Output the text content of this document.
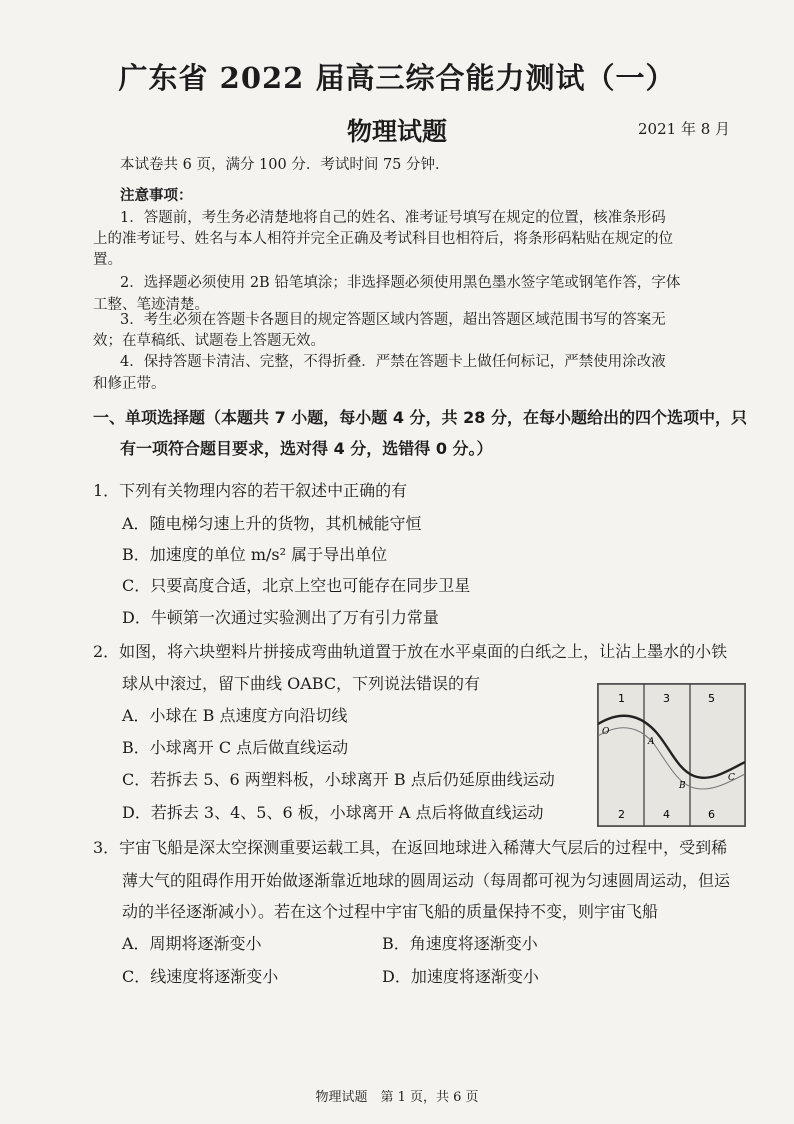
广东省 2022 届高三综合能力测试（一）
物理试题	2021 年 8 月
本试卷共 6 页，满分 100 分．考试时间 75 分钟．
注意事项：
1．答题前，考生务必清楚地将自己的姓名、准考证号填写在规定的位置，核准条形码
上的准考证号、姓名与本人相符并完全正确及考试科目也相符后，将条形码粘贴在规定的位
置。
2．选择题必须使用 2B 铅笔填涂；非选择题必须使用黑色墨水签字笔或钢笔作答，字体
工整、笔迹清楚。
3．考生必须在答题卡各题目的规定答题区域内答题，超出答题区域范围书写的答案无
效；在草稿纸、试题卷上答题无效。
4．保持答题卡清洁、完整，不得折叠．严禁在答题卡上做任何标记，严禁使用涂改液
和修正带。
一、单项选择题（本题共 7 小题，每小题 4 分，共 28 分，在每小题给出的四个选项中，只
有一项符合题目要求，选对得 4 分，选错得 0 分。）
1．下列有关物理内容的若干叙述中正确的有
A．随电梯匀速上升的货物，其机械能守恒
B．加速度的单位 m/s² 属于导出单位
C．只要高度合适，北京上空也可能存在同步卫星
D．牛顿第一次通过实验测出了万有引力常量
2．如图，将六块塑料片拼接成弯曲轨道置于放在水平桌面的白纸之上，让沾上墨水的小铁
球从中滚过，留下曲线 OABC，下列说法错误的有
A．小球在 B 点速度方向沿切线
B．小球离开 C 点后做直线运动
C．若拆去 5、6 两塑料板，小球离开 B 点后仍延原曲线运动
D．若拆去 3、4、5、6 板，小球离开 A 点后将做直线运动
1	3	5
2	4	6
O
A
B
C
3．宇宙飞船是深太空探测重要运载工具，在返回地球进入稀薄大气层后的过程中，受到稀
薄大气的阻碍作用开始做逐渐靠近地球的圆周运动（每周都可视为匀速圆周运动，但运
动的半径逐渐减小）。若在这个过程中宇宙飞船的质量保持不变，则宇宙飞船
A．周期将逐渐变小	B．角速度将逐渐变小
C．线速度将逐渐变小	D．加速度将逐渐变小
物理试题　第 1 页，共 6 页
